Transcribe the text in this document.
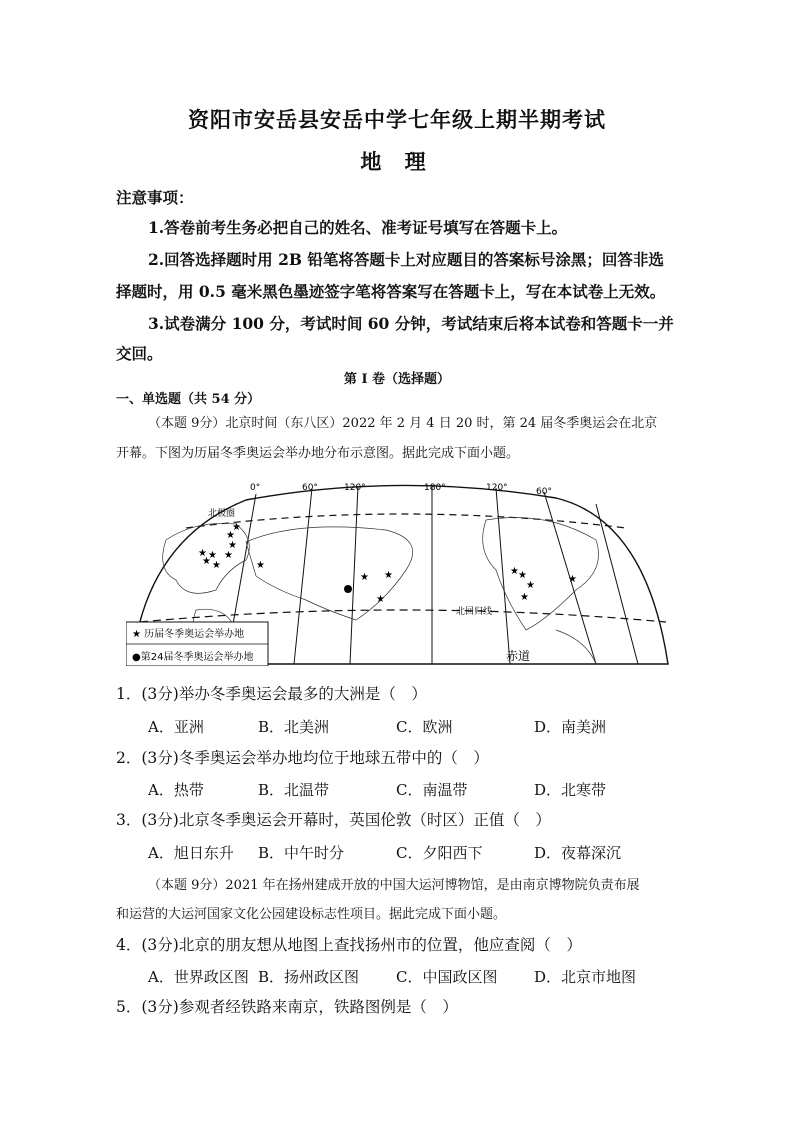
资阳市安岳县安岳中学七年级上期半期考试
地 理
注意事项：
1.答卷前考生务必把自己的姓名、准考证号填写在答题卡上。
2.回答选择题时用 2B 铅笔将答题卡上对应题目的答案标号涂黑；回答非选
择题时，用 0.5 毫米黑色墨迹签字笔将答案写在答题卡上，写在本试卷上无效。
3.试卷满分 100 分，考试时间 60 分钟，考试结束后将本试卷和答题卡一并
交回。
第 I 卷（选择题）
一、单选题（共 54 分）
（本题 9分）北京时间（东八区）2022 年 2 月 4 日 20 时，第 24 届冬季奥运会在北京
开幕。下图为历届冬季奥运会举办地分布示意图。据此完成下面小题。
0°	60°	120°	180°	120°	60°
北极圈
北回归线
赤道
★
★
★
★ ★ ★
★ ★	★
★ ★
★
★ ★
★
★
★
★ 历届冬季奥运会举办地
●第24届冬季奥运会举办地
1．(3分)举办冬季奥运会最多的大洲是（　）
A．亚洲	B．北美洲	C．欧洲	D．南美洲
2．(3分)冬季奥运会举办地均位于地球五带中的（　）
A．热带	B．北温带	C．南温带	D．北寒带
3．(3分)北京冬季奥运会开幕时，英国伦敦（时区）正值（　）
A．旭日东升 B．中午时分	C．夕阳西下	D．夜幕深沉
（本题 9分）2021 年在扬州建成开放的中国大运河博物馆，是由南京博物院负责布展
和运营的大运河国家文化公园建设标志性项目。据此完成下面小题。
4．(3分)北京的朋友想从地图上查找扬州市的位置，他应查阅（　）
A．世界政区图 B．扬州政区图 C．中国政区图 D．北京市地图
5．(3分)参观者经铁路来南京，铁路图例是（　）
